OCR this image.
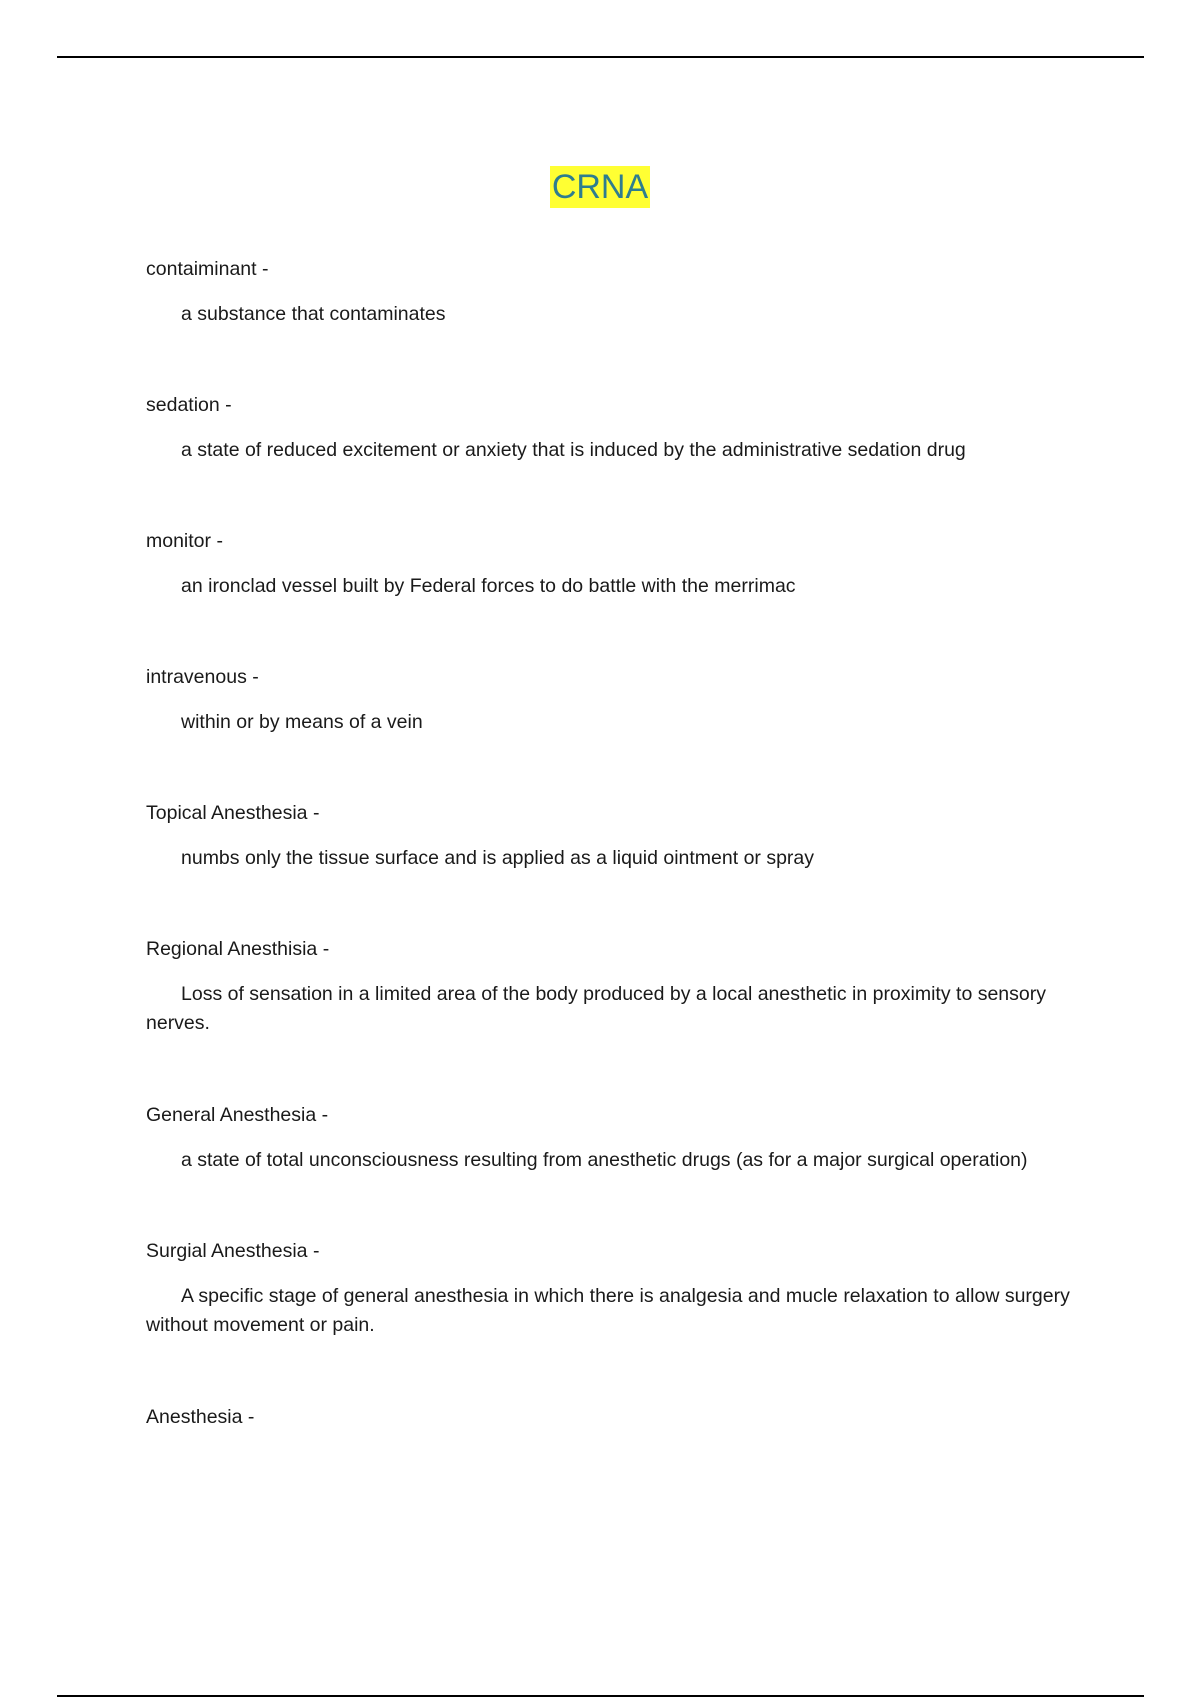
CRNA
contaiminant -
a substance that contaminates
sedation -
a state of reduced excitement or anxiety that is induced by the administrative sedation drug
monitor -
an ironclad vessel built by Federal forces to do battle with the merrimac
intravenous -
within or by means of a vein
Topical Anesthesia -
numbs only the tissue surface and is applied as a liquid ointment or spray
Regional Anesthisia -
Loss of sensation in a limited area of the body produced by a local anesthetic in proximity to sensory nerves.
General Anesthesia -
a state of total unconsciousness resulting from anesthetic drugs (as for a major surgical operation)
Surgial Anesthesia -
A specific stage of general anesthesia in which there is analgesia and mucle relaxation to allow surgery without movement or pain.
Anesthesia -
